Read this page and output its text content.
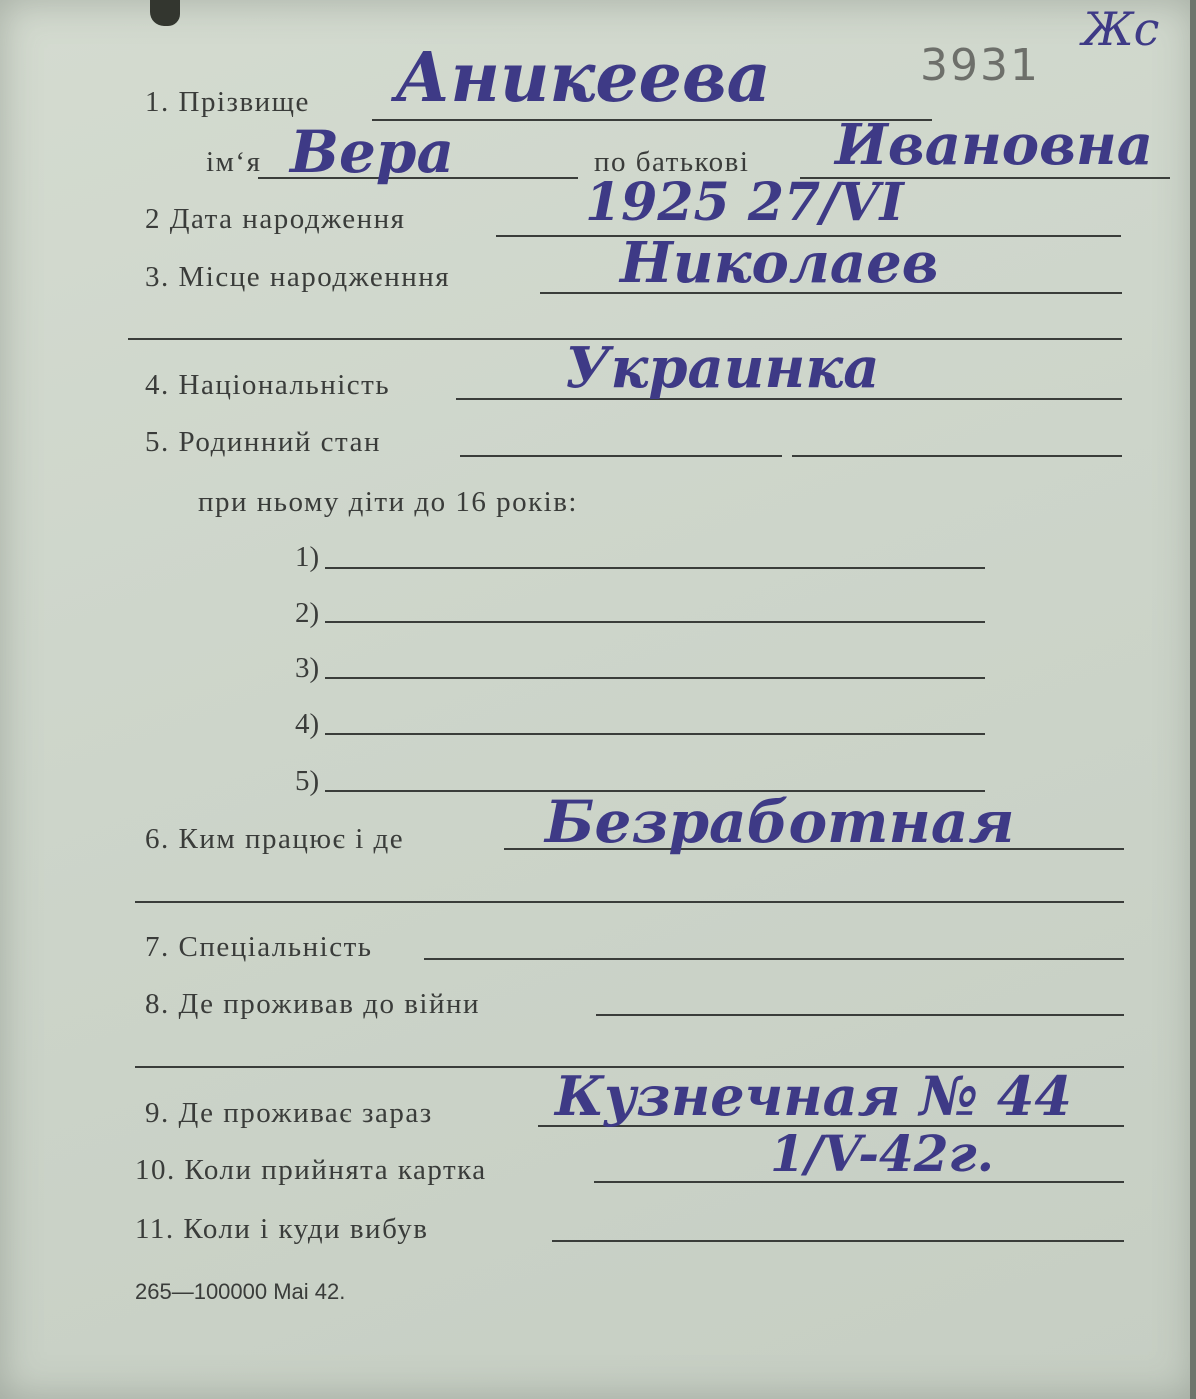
3931
Жс
1. Прізвище Аникеева
ім‘я Вера	по батькові Ивановна
2 Дата народження	1925 27/VI
3. Місце народженння	Николаев
4. Національність	Украинка
5. Родинний стан
при ньому діти до 16 років:
1)
2)
3)
4)
5)
6. Ким працює і де Безработная
7. Спеціальність
8. Де проживав до війни
9. Де проживає зараз Кузнечная № 44
10. Коли прийнята картка	1/V-42г.
11. Коли і куди вибув
265—100000 Mai 42.
